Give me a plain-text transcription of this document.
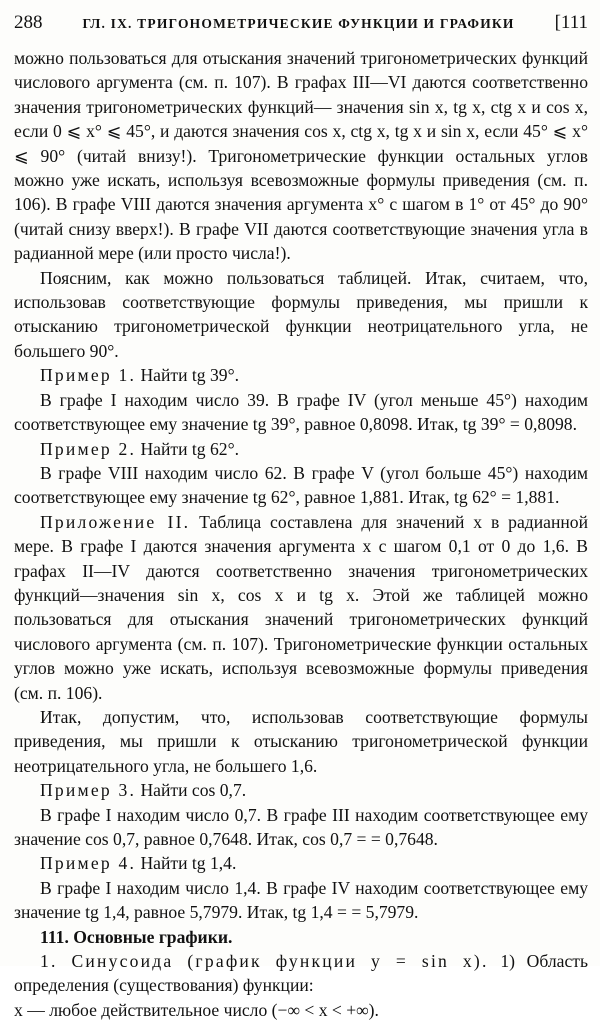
288	ГЛ. IX. ТРИГОНОМЕТРИЧЕСКИЕ ФУНКЦИИ И ГРАФИКИ [111

можно пользоваться для отыскания значений тригонометрических функций числового аргумента (см. п. 107). В графах III—VI даются соответственно значения тригонометрических функций— значения sin x, tg x, ctg x и cos x, если 0 ⩽ x° ⩽ 45°, и даются значения cos x, ctg x, tg x и sin x, если 45° ⩽ x° ⩽ 90° (читай внизу!). Тригонометрические функции остальных углов можно уже искать, используя всевозможные формулы приведения (см. п. 106). В графе VIII даются значения аргумента x° с шагом в 1° от 45° до 90° (читай снизу вверх!). В графе VII даются соответствующие значения угла в радианной мере (или просто числа!).

Поясним, как можно пользоваться таблицей. Итак, считаем, что, использовав соответствующие формулы приведения, мы пришли к отысканию тригонометрической функции неотрицательного угла, не большего 90°.

Пример 1. Найти tg 39°.

В графе I находим число 39. В графе IV (угол меньше 45°) находим соответствующее ему значение tg 39°, равное 0,8098. Итак, tg 39° = 0,8098.

Пример 2. Найти tg 62°.

В графе VIII находим число 62. В графе V (угол больше 45°) находим соответствующее ему значение tg 62°, равное 1,881. Итак, tg 62° = 1,881.

Приложение II. Таблица составлена для значений x в радианной мере. В графе I даются значения аргумента x с шагом 0,1 от 0 до 1,6. В графах II—IV даются соответственно значения тригонометрических функций—значения sin x, cos x и tg x. Этой же таблицей можно пользоваться для отыскания значений тригонометрических функций числового аргумента (см. п. 107). Тригонометрические функции остальных углов можно уже искать, используя всевозможные формулы приведения (см. п. 106).

Итак, допустим, что, использовав соответствующие формулы приведения, мы пришли к отысканию тригонометрической функции неотрицательного угла, не большего 1,6.

Пример 3. Найти cos 0,7.

В графе I находим число 0,7. В графе III находим соответствующее ему значение cos 0,7, равное 0,7648. Итак, cos 0,7 = = 0,7648.

Пример 4. Найти tg 1,4.

В графе I находим число 1,4. В графе IV находим соответствующее ему значение tg 1,4, равное 5,7979. Итак, tg 1,4 = = 5,7979.

111. Основные графики.

1. Синусоида (график функции y = sin x). 1) Область определения (существования) функции:

x — любое действительное число (−∞ < x < +∞).
